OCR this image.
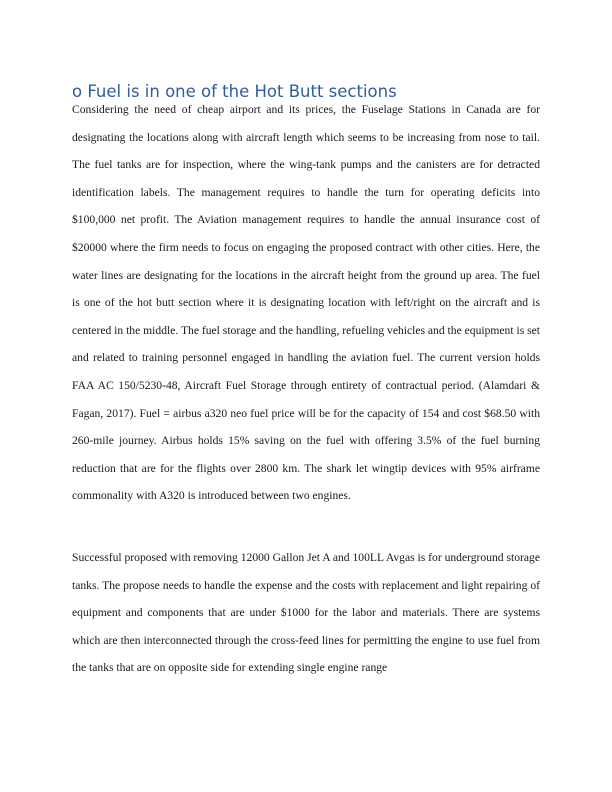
o Fuel is in one of the Hot Butt sections

Considering the need of cheap airport and its prices, the Fuselage Stations in Canada are for designating the locations along with aircraft length which seems to be increasing from nose to tail. The fuel tanks are for inspection, where the wing-tank pumps and the canisters are for detracted identification labels. The management requires to handle the turn for operating deficits into $100,000 net profit. The Aviation management requires to handle the annual insurance cost of $20000 where the firm needs to focus on engaging the proposed contract with other cities. Here, the water lines are designating for the locations in the aircraft height from the ground up area. The fuel is one of the hot butt section where it is designating location with left/right on the aircraft and is centered in the middle. The fuel storage and the handling, refueling vehicles and the equipment is set and related to training personnel engaged in handling the aviation fuel. The current version holds FAA AC 150/5230-48, Aircraft Fuel Storage through entirety of contractual period. (Alamdari & Fagan, 2017). Fuel = airbus a320 neo fuel price will be for the capacity of 154 and cost $68.50 with 260-mile journey. Airbus holds 15% saving on the fuel with offering 3.5% of the fuel burning reduction that are for the flights over 2800 km. The shark let wingtip devices with 95% airframe commonality with A320 is introduced between two engines.

Successful proposed with removing 12000 Gallon Jet A and 100LL Avgas is for underground storage tanks. The propose needs to handle the expense and the costs with replacement and light repairing of equipment and components that are under $1000 for the labor and materials. There are systems which are then interconnected through the cross-feed lines for permitting the engine to use fuel from the tanks that are on opposite side for extending single engine range
